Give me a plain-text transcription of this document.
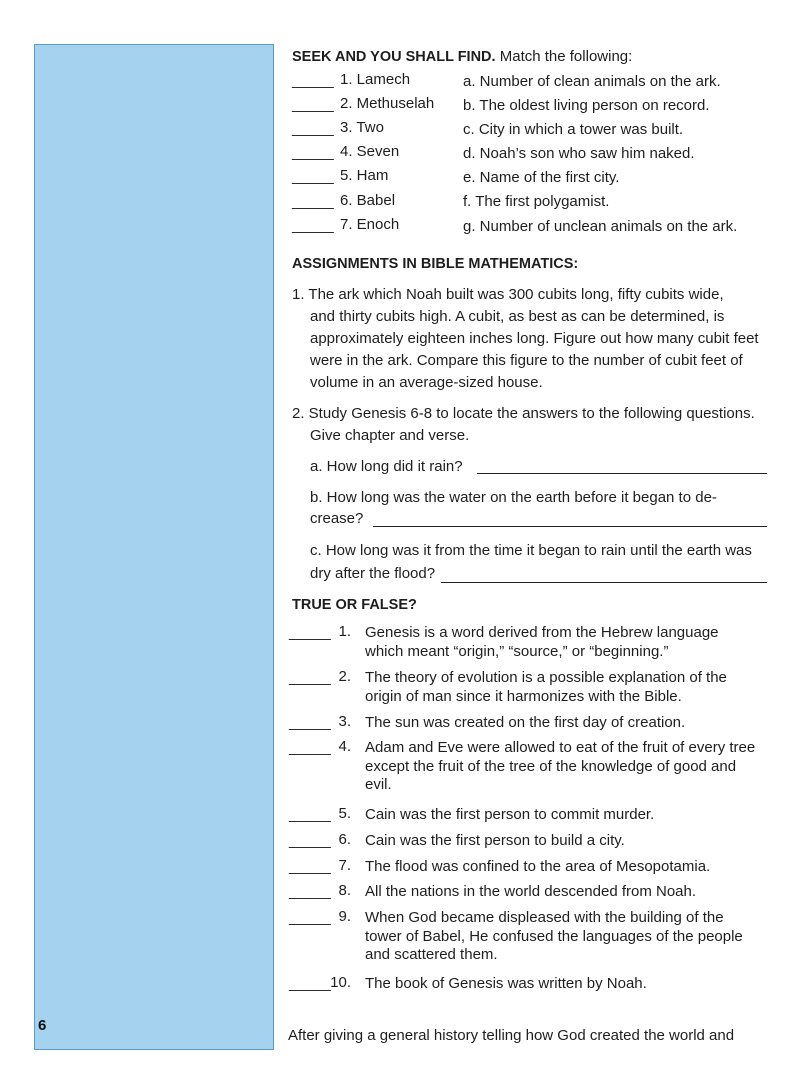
6
SEEK AND YOU SHALL FIND. Match the following:
_____ 1. Lamech	a. Number of clean animals on the ark.
_____ 2. Methuselah b. The oldest living person on record.
_____ 3. Two	c. City in which a tower was built.
_____ 4. Seven	d. Noah’s son who saw him naked.
_____ 5. Ham	e. Name of the first city.
_____ 6. Babel	f. The first polygamist.
_____ 7. Enoch	g. Number of unclean animals on the ark.
ASSIGNMENTS IN BIBLE MATHEMATICS:
1. The ark which Noah built was 300 cubits long, fifty cubits wide,
and thirty cubits high. A cubit, as best as can be determined, is
approximately eighteen inches long. Figure out how many cubit feet
were in the ark. Compare this figure to the number of cubit feet of
volume in an average-sized house.
2. Study Genesis 6-8 to locate the answers to the following questions.
Give chapter and verse.
a. How long did it rain?
b. How long was the water on the earth before it began to de-
crease?
c. How long was it from the time it began to rain until the earth was
dry after the flood?
TRUE OR FALSE?
_____ 1. Genesis is a word derived from the Hebrew language
which meant “origin,” “source,” or “beginning.”
_____ 2. The theory of evolution is a possible explanation of the
origin of man since it harmonizes with the Bible.
_____ 3. The sun was created on the first day of creation.
_____ 4. Adam and Eve were allowed to eat of the fruit of every tree
except the fruit of the tree of the knowledge of good and
evil.
_____ 5. Cain was the first person to commit murder.
_____ 6. Cain was the first person to build a city.
_____ 7. The flood was confined to the area of Mesopotamia.
_____ 8. All the nations in the world descended from Noah.
_____ 9. When God became displeased with the building of the
tower of Babel, He confused the languages of the people
and scattered them.
_____ 10. The book of Genesis was written by Noah.
After giving a general history telling how God created the world and
